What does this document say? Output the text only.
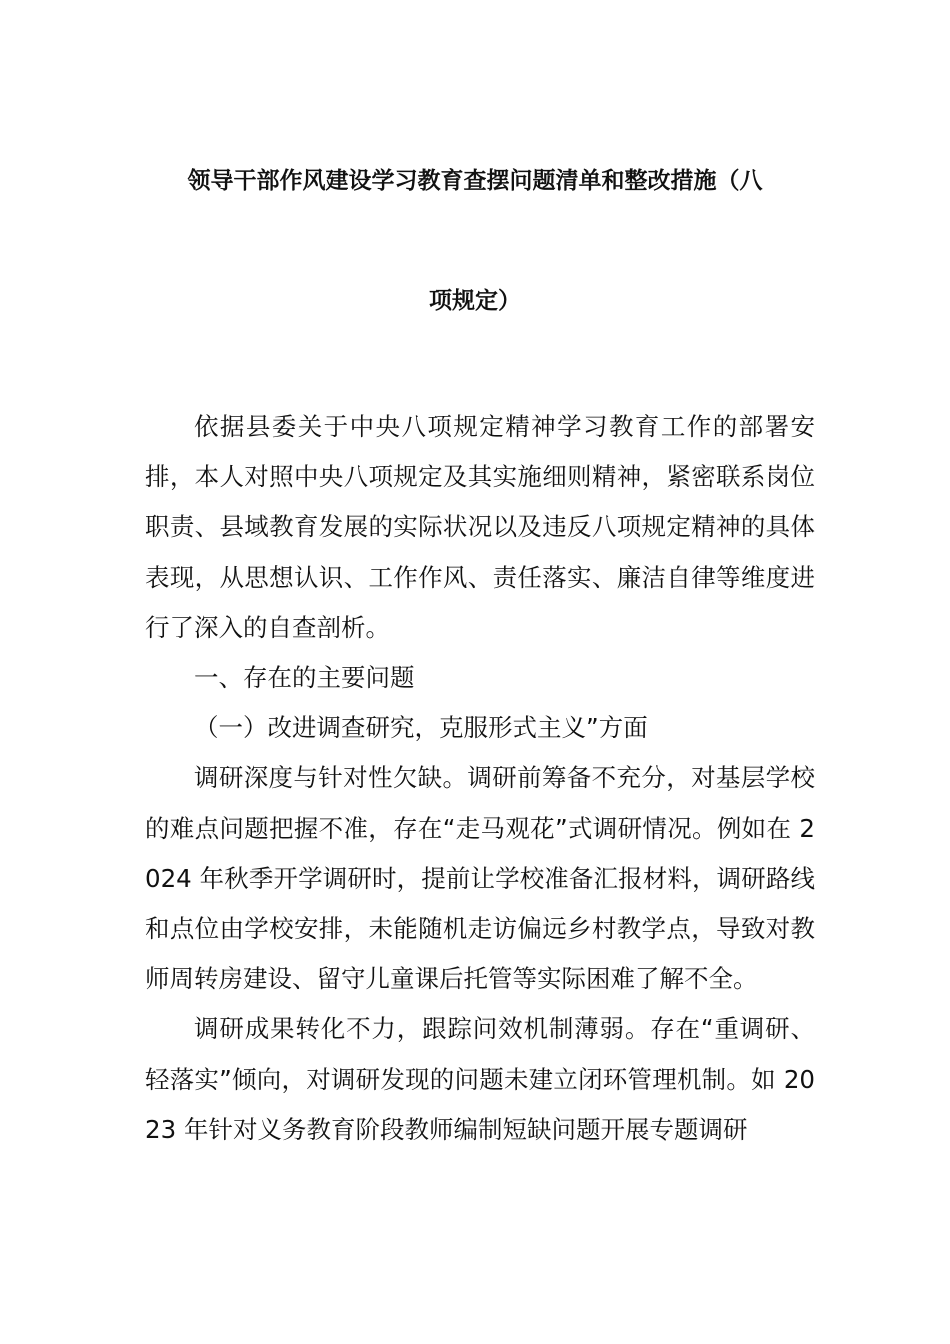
领导干部作风建设学习教育查摆问题清单和整改措施（八
项规定）

依据县委关于中央八项规定精神学习教育工作的部署安排，本人对照中央八项规定及其实施细则精神，紧密联系岗位职责、县域教育发展的实际状况以及违反八项规定精神的具体表现，从思想认识、工作作风、责任落实、廉洁自律等维度进行了深入的自查剖析。

一、存在的主要问题

（一）改进调查研究，克服形式主义”方面

调研深度与针对性欠缺。调研前筹备不充分，对基层学校的难点问题把握不准，存在“走马观花”式调研情况。例如在 2024 年秋季开学调研时，提前让学校准备汇报材料，调研路线和点位由学校安排，未能随机走访偏远乡村教学点，导致对教师周转房建设、留守儿童课后托管等实际困难了解不全。

调研成果转化不力，跟踪问效机制薄弱。存在“重调研、轻落实”倾向，对调研发现的问题未建立闭环管理机制。如 2023 年针对义务教育阶段教师编制短缺问题开展专题调研
